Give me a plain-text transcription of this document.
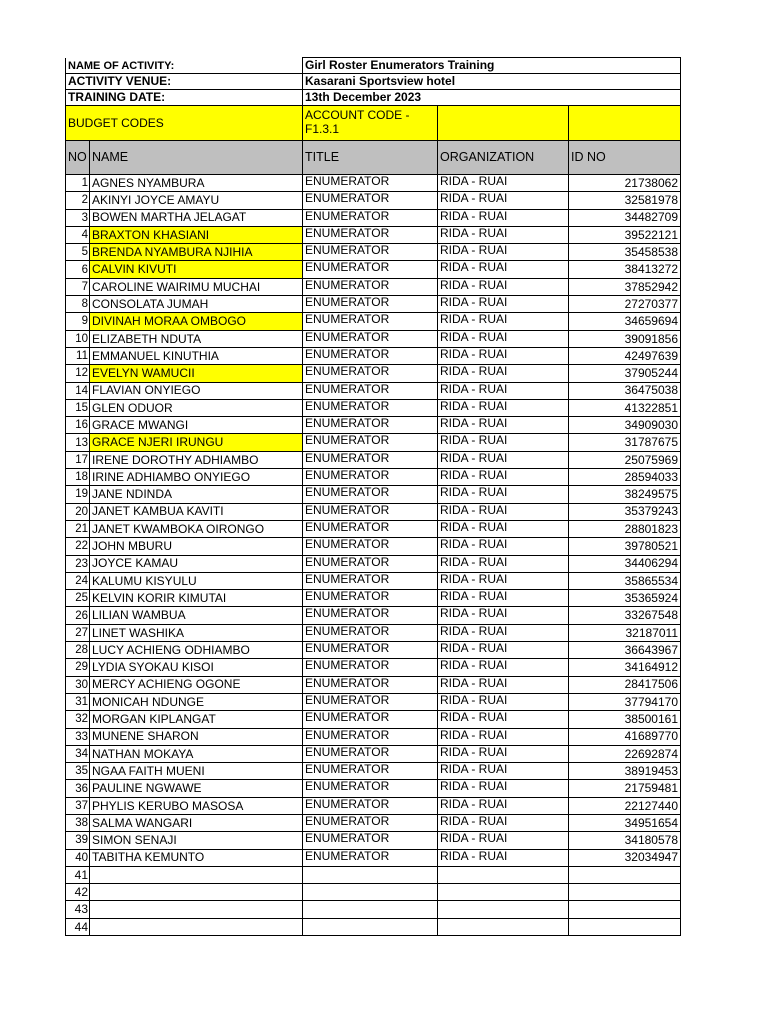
NAME OF ACTIVITY:		Girl Roster Enumerators Training		
ACTIVITY VENUE:		Kasarani Sportsview hotel		
TRAINING DATE:		13th December 2023		
BUDGET CODES		ACCOUNT CODE - F1.3.1		
NO	NAME	TITLE	ORGANIZATION	ID NO
1	AGNES NYAMBURA	ENUMERATOR	RIDA - RUAI	21738062
2	AKINYI JOYCE AMAYU	ENUMERATOR	RIDA - RUAI	32581978
3	BOWEN MARTHA JELAGAT	ENUMERATOR	RIDA - RUAI	34482709
4	BRAXTON KHASIANI	ENUMERATOR	RIDA - RUAI	39522121
5	BRENDA NYAMBURA NJIHIA	ENUMERATOR	RIDA - RUAI	35458538
6	CALVIN KIVUTI	ENUMERATOR	RIDA - RUAI	38413272
7	CAROLINE WAIRIMU MUCHAI	ENUMERATOR	RIDA - RUAI	37852942
8	CONSOLATA JUMAH	ENUMERATOR	RIDA - RUAI	27270377
9	DIVINAH MORAA OMBOGO	ENUMERATOR	RIDA - RUAI	34659694
10	ELIZABETH NDUTA	ENUMERATOR	RIDA - RUAI	39091856
11	EMMANUEL KINUTHIA	ENUMERATOR	RIDA - RUAI	42497639
12	EVELYN WAMUCII	ENUMERATOR	RIDA - RUAI	37905244
14	FLAVIAN ONYIEGO	ENUMERATOR	RIDA - RUAI	36475038
15	GLEN ODUOR	ENUMERATOR	RIDA - RUAI	41322851
16	GRACE MWANGI	ENUMERATOR	RIDA - RUAI	34909030
13	GRACE NJERI IRUNGU	ENUMERATOR	RIDA - RUAI	31787675
17	IRENE DOROTHY ADHIAMBO	ENUMERATOR	RIDA - RUAI	25075969
18	IRINE ADHIAMBO ONYIEGO	ENUMERATOR	RIDA - RUAI	28594033
19	JANE NDINDA	ENUMERATOR	RIDA - RUAI	38249575
20	JANET KAMBUA KAVITI	ENUMERATOR	RIDA - RUAI	35379243
21	JANET KWAMBOKA OIRONGO	ENUMERATOR	RIDA - RUAI	28801823
22	JOHN MBURU	ENUMERATOR	RIDA - RUAI	39780521
23	JOYCE KAMAU	ENUMERATOR	RIDA - RUAI	34406294
24	KALUMU KISYULU	ENUMERATOR	RIDA - RUAI	35865534
25	KELVIN KORIR KIMUTAI	ENUMERATOR	RIDA - RUAI	35365924
26	LILIAN WAMBUA	ENUMERATOR	RIDA - RUAI	33267548
27	LINET WASHIKA	ENUMERATOR	RIDA - RUAI	32187011
28	LUCY ACHIENG ODHIAMBO	ENUMERATOR	RIDA - RUAI	36643967
29	LYDIA SYOKAU KISOI	ENUMERATOR	RIDA - RUAI	34164912
30	MERCY ACHIENG OGONE	ENUMERATOR	RIDA - RUAI	28417506
31	MONICAH NDUNGE	ENUMERATOR	RIDA - RUAI	37794170
32	MORGAN KIPLANGAT	ENUMERATOR	RIDA - RUAI	38500161
33	MUNENE SHARON	ENUMERATOR	RIDA - RUAI	41689770
34	NATHAN MOKAYA	ENUMERATOR	RIDA - RUAI	22692874
35	NGAA FAITH MUENI	ENUMERATOR	RIDA - RUAI	38919453
36	PAULINE NGWAWE	ENUMERATOR	RIDA - RUAI	21759481
37	PHYLIS KERUBO MASOSA	ENUMERATOR	RIDA - RUAI	22127440
38	SALMA WANGARI	ENUMERATOR	RIDA - RUAI	34951654
39	SIMON SENAJI	ENUMERATOR	RIDA - RUAI	34180578
40	TABITHA KEMUNTO	ENUMERATOR	RIDA - RUAI	32034947
41				
42				
43				
44				
